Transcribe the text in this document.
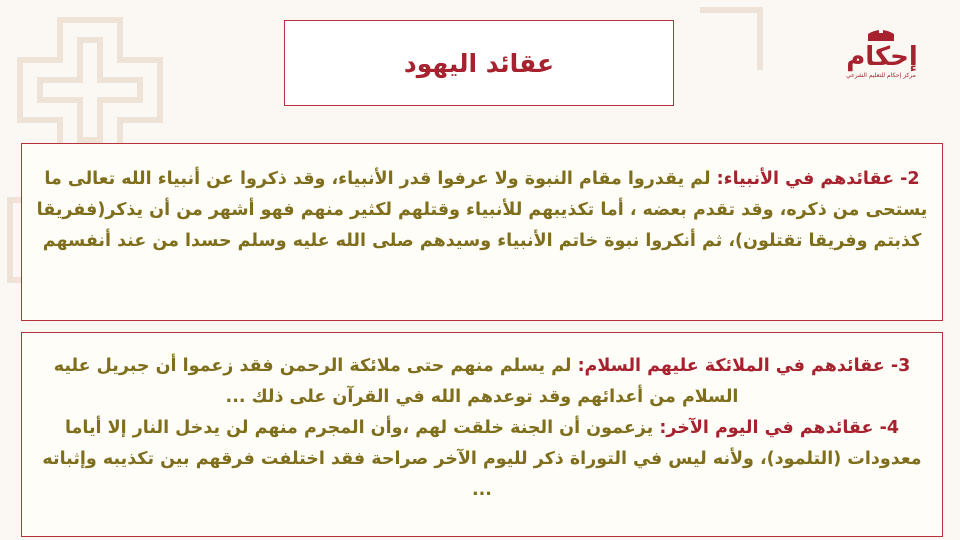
إحكام
مركز إحكام للتعليم الشرعي
عقائد اليهود

2- عقائدهم في الأنبياء: لم يقدروا مقام النبوة ولا عرفوا قدر الأنبياء، وقد ذكروا عن أنبياء الله تعالى ما يستحى من ذكره، وقد تقدم بعضه ، أما تكذيبهم للأنبياء وقتلهم لكثير منهم فهو أشهر من أن يذكر(ففريقا كذبتم وفريقا تقتلون)، ثم أنكروا نبوة خاتم الأنبياء وسيدهم صلى الله عليه وسلم حسدا من عند أنفسهم

3- عقائدهم في الملائكة عليهم السلام: لم يسلم منهم حتى ملائكة الرحمن فقد زعموا أن جبريل عليه السلام من أعدائهم وقد توعدهم الله في القرآن على ذلك ...

4- عقائدهم في اليوم الآخر: يزعمون أن الجنة خلقت لهم ،وأن المجرم منهم لن يدخل النار إلا أياما معدودات (التلمود)، ولأنه ليس في التوراة ذكر لليوم الآخر صراحة فقد اختلفت فرقهم بين تكذيبه وإثباته ...
